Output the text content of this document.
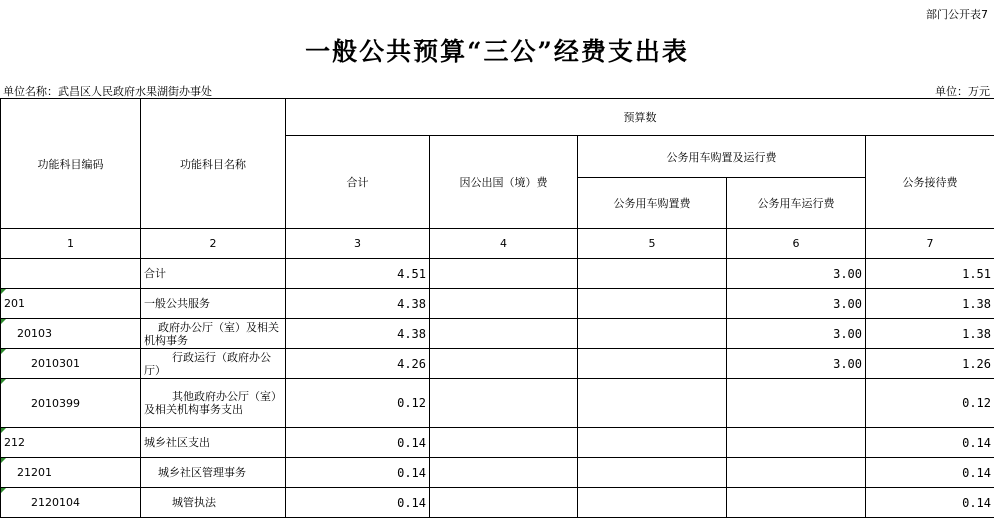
部门公开表7
一般公共预算“三公”经费支出表
单位名称：武昌区人民政府水果湖街办事处	单位：万元
功能科目编码	功能科目名称	预算数				
		合计	因公出国（境）费	公务用车购置及运行费		公务接待费
				公务用车购置费	公务用车运行费	
1	2	3	4	5	6	7
	合计	4.51			3.00	1.51

201	一般公共服务	4.38			3.00	1.38

20103	政府办公厅（室）及相关机构事务	4.38			3.00	1.38

2010301	行政运行（政府办公厅）	4.26			3.00	1.26

2010399	其他政府办公厅（室）及相关机构事务支出	0.12				0.12

212	城乡社区支出	0.14				0.14

21201	城乡社区管理事务	0.14				0.14

2120104	城管执法	0.14				0.14
